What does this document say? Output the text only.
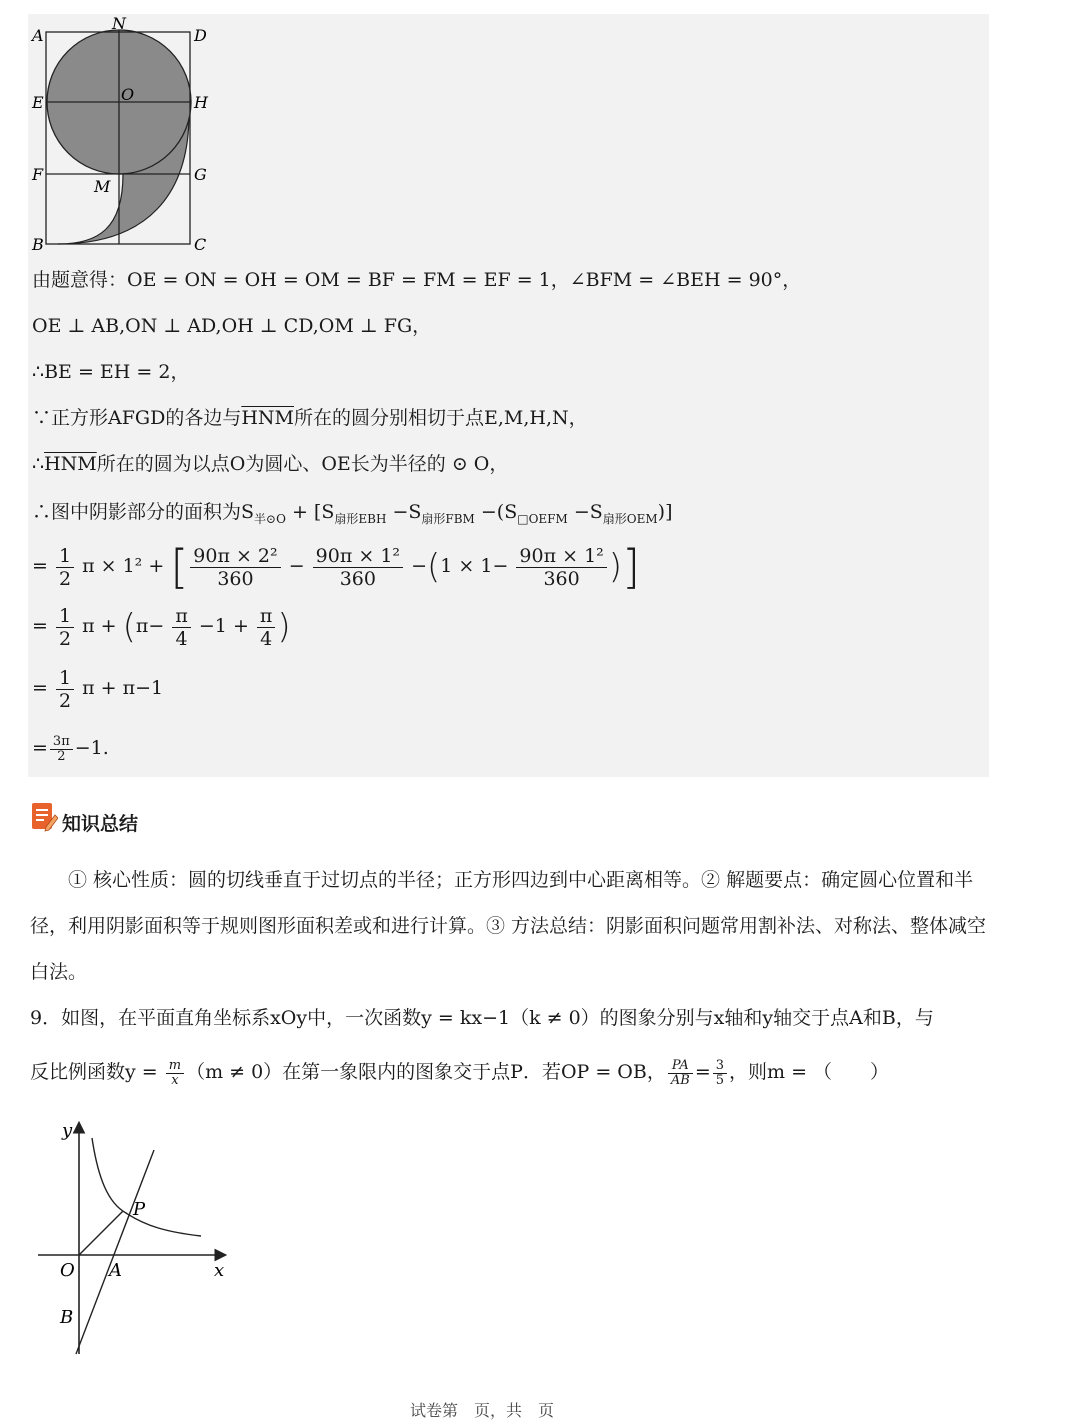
A
N
D
O
E	H
F	G
M
B	C
由题意得：OE = ON = OH = OM = BF = FM = EF = 1，∠BFM = ∠BEH = 90°，
OE ⊥ AB,ON ⊥ AD,OH ⊥ CD,OM ⊥ FG，
∴BE = EH = 2，
∵正方形AFGD的各边与$\overline{HNM}$所在的圆分别相切于点E,M,H,N，
$\therefore\overline{HNM}$所在的圆为以点O为圆心、OE长为半径的 ⊙ O，
∴图中阴影部分的面积为$S_{半⊙O} + [S_{扇形EBH} -S_{扇形FBM} -(S_{□OEFM} -S_{扇形OEM})]$
= $\frac{1}{2}$ π × 1² + [ $\frac{\text{90π × 2²}}{360} - \frac{\text{90π × 1²}}{360} -(1 \times 1- \frac{\text{90π × 1²}}{360}$ )]
= $\frac{1}{2}$ $\pi + (\pi- \frac{\pi}{4} -1 + \frac{\pi}{4}$ )
= $\frac{1}{2}$ π + π−1
= $\frac{3\pi}{2} -1$.
知识总结
① 核心性质：圆的切线垂直于过切点的半径；正方形四边到中心距离相等。② 解题要点：确定圆心位置和半径，利用阴影面积等于规则图形面积差或和进行计算。③ 方法总结：阴影面积问题常用割补法、对称法、整体减空白法。
9．如图，在平面直角坐标系xOy中，一次函数y = kx−1（k ≠ 0）的图象分别与x轴和y轴交于点A和B，与
反比例函数$y = \frac{m}{x} (m \ne 0)$在第一象限内的图象交于点P．若OP = OB， $\frac{PA}{AB} = \frac{3}{5}$ ，则m = （　　）
y
x
O A
P
B
试卷第　页，共　页
